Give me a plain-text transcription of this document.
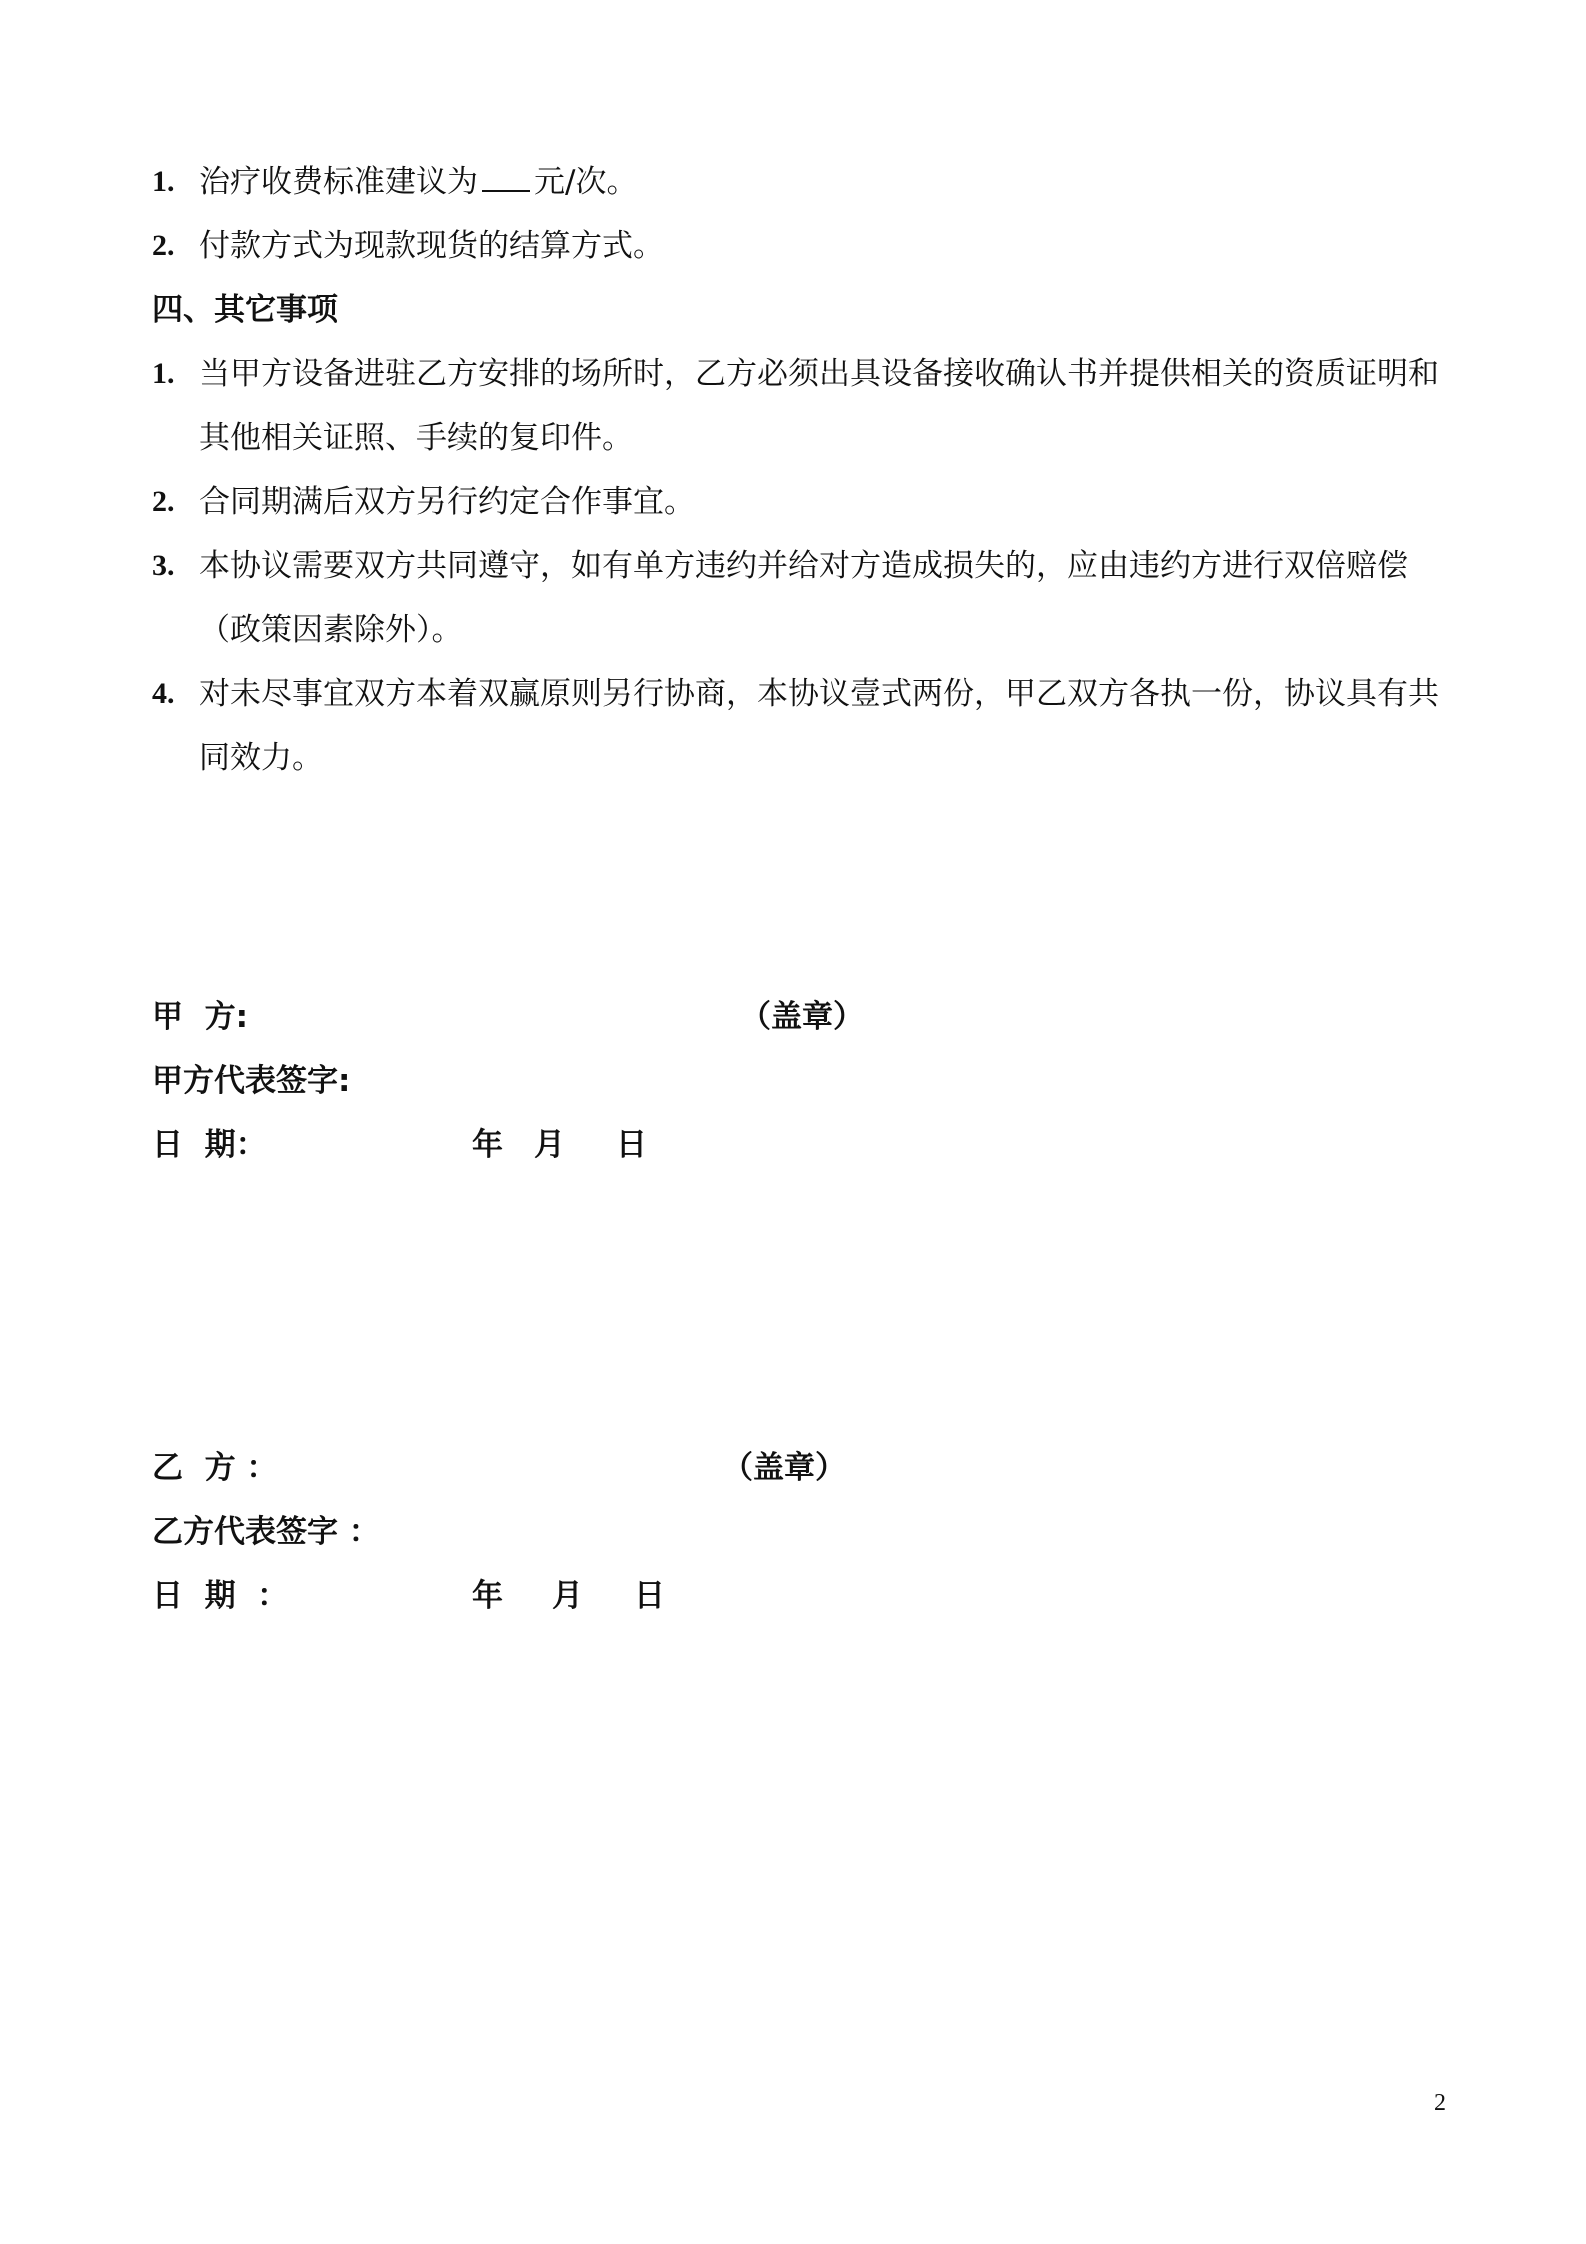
1. 治疗收费标准建议为 元/次。
2. 付款方式为现款现货的结算方式。
四、其它事项
1. 当甲方设备进驻乙方安排的场所时，乙方必须出具设备接收确认书并提供相关的资质证明和其他相关证照、手续的复印件。
2. 合同期满后双方另行约定合作事宜。
3. 本协议需要双方共同遵守，如有单方违约并给对方造成损失的，应由违约方进行双倍赔偿（政策因素除外）。
4. 对未尽事宜双方本着双赢原则另行协商，本协议壹式两份，甲乙双方各执一份，协议具有共同效力。
甲  方:	（盖章）
甲方代表签字:
日  期：	年 月 日
乙  方 ：	（盖章）
乙方代表签字 ：
日  期  ：	年 月 日
2
